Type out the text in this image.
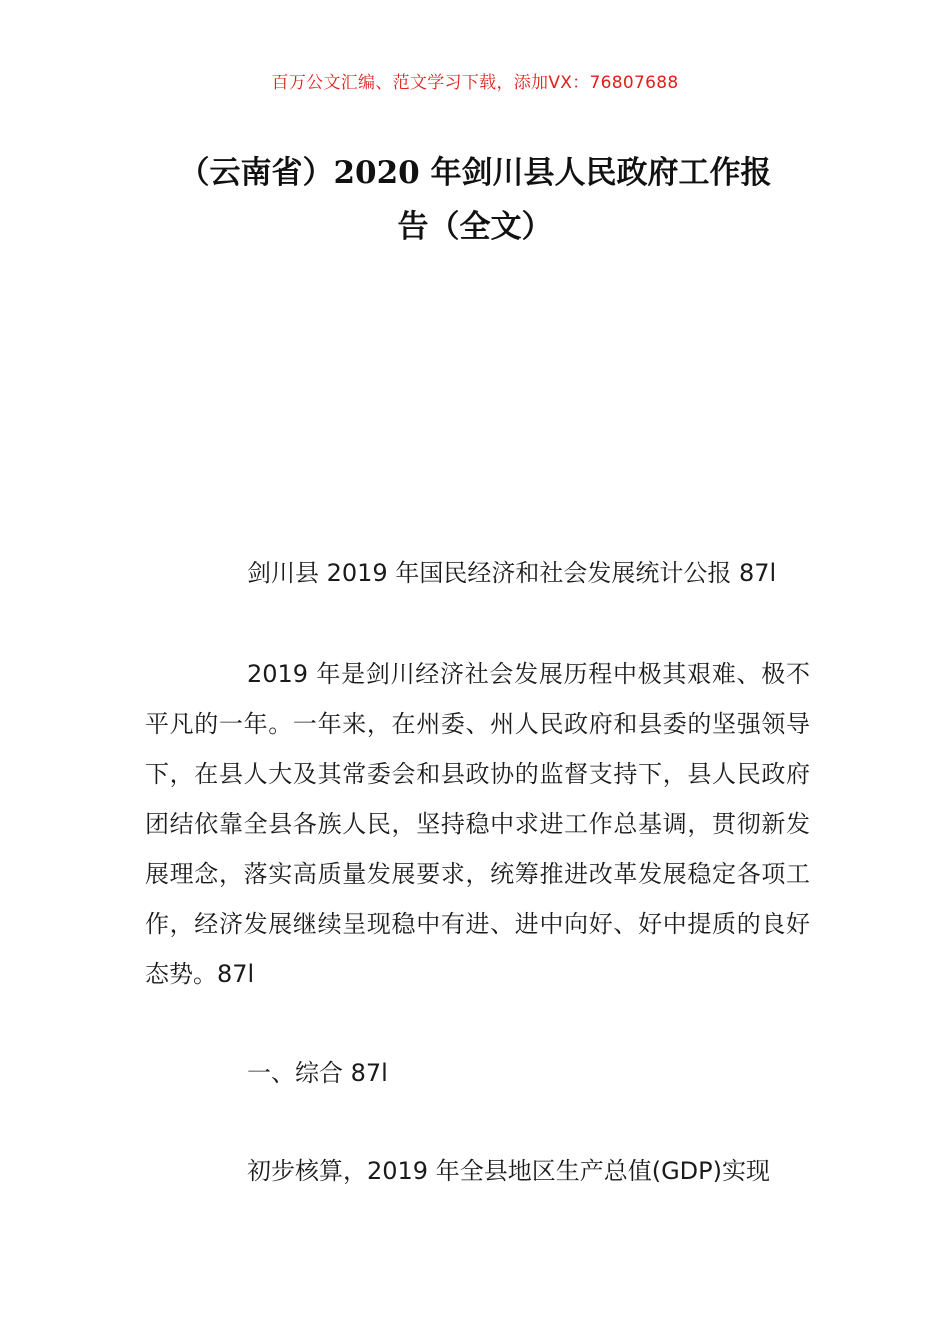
百万公文汇编、范文学习下载，添加VX：76807688
（云南省）2020 年剑川县人民政府工作报
告（全文）

剑川县 2019 年国民经济和社会发展统计公报 87l

2019 年是剑川经济社会发展历程中极其艰难、极不平凡的一年。一年来，在州委、州人民政府和县委的坚强领导下，在县人大及其常委会和县政协的监督支持下，县人民政府团结依靠全县各族人民，坚持稳中求进工作总基调，贯彻新发展理念，落实高质量发展要求，统筹推进改革发展稳定各项工作，经济发展继续呈现稳中有进、进中向好、好中提质的良好态势。87l

一、综合 87l

初步核算，2019 年全县地区生产总值(GDP)实现
